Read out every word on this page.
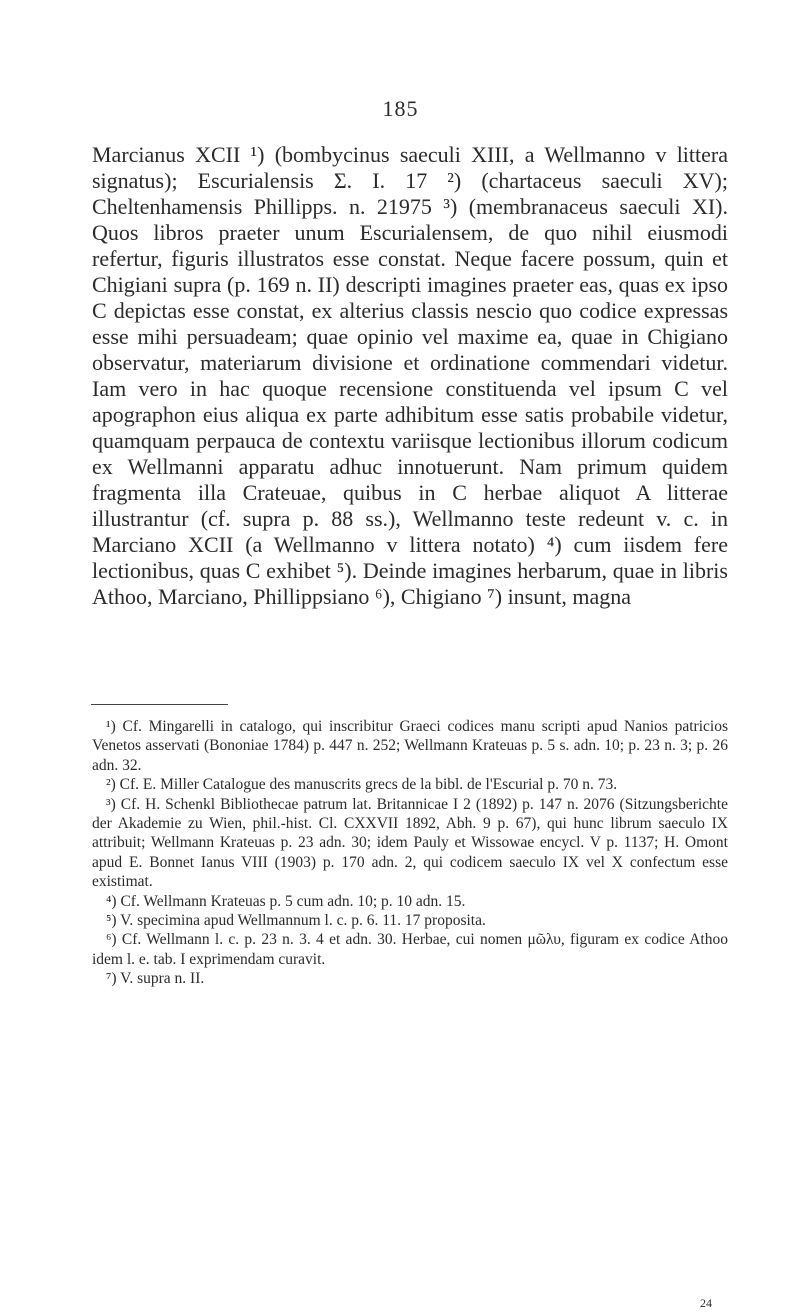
185

Marcianus XCII ¹) (bombycinus saeculi XIII, a Wellmanno v littera signatus); Escurialensis Σ. I. 17 ²) (chartaceus saeculi XV); Cheltenhamensis Phillipps. n. 21975 ³) (membranaceus saeculi XI). Quos libros praeter unum Escurialensem, de quo nihil eiusmodi refertur, figuris illustratos esse constat. Neque facere possum, quin et Chigiani supra (p. 169 n. II) descripti imagines praeter eas, quas ex ipso C depictas esse constat, ex alterius classis nescio quo codice expressas esse mihi persuadeam; quae opinio vel maxime ea, quae in Chigiano observatur, materiarum divisione et ordinatione commendari videtur.

Iam vero in hac quoque recensione constituenda vel ipsum C vel apographon eius aliqua ex parte adhibitum esse satis probabile videtur, quamquam perpauca de contextu variisque lectionibus illorum codicum ex Wellmanni apparatu adhuc innotuerunt. Nam primum quidem fragmenta illa Crateuae, quibus in C herbae aliquot A litterae illustrantur (cf. supra p. 88 ss.), Wellmanno teste redeunt v. c. in Marciano XCII (a Wellmanno v littera notato) ⁴) cum iisdem fere lectionibus, quas C exhibet ⁵). Deinde imagines herbarum, quae in libris Athoo, Marciano, Phillippsiano ⁶), Chigiano ⁷) insunt, magna

¹) Cf. Mingarelli in catalogo, qui inscribitur Graeci codices manu scripti apud Nanios patricios Venetos asservati (Bononiae 1784) p. 447 n. 252; Wellmann Krateuas p. 5 s. adn. 10; p. 23 n. 3; p. 26 adn. 32.

²) Cf. E. Miller Catalogue des manuscrits grecs de la bibl. de l'Escurial p. 70 n. 73.

³) Cf. H. Schenkl Bibliothecae patrum lat. Britannicae I 2 (1892) p. 147 n. 2076 (Sitzungsberichte der Akademie zu Wien, phil.-hist. Cl. CXXVII 1892, Abh. 9 p. 67), qui hunc librum saeculo IX attribuit; Wellmann Krateuas p. 23 adn. 30; idem Pauly et Wissowae encycl. V p. 1137; H. Omont apud E. Bonnet Ianus VIII (1903) p. 170 adn. 2, qui codicem saeculo IX vel X confectum esse existimat.

⁴) Cf. Wellmann Krateuas p. 5 cum adn. 10; p. 10 adn. 15.

⁵) V. specimina apud Wellmannum l. c. p. 6. 11. 17 proposita.

⁶) Cf. Wellmann l. c. p. 23 n. 3. 4 et adn. 30. Herbae, cui nomen μῶλυ, figuram ex codice Athoo idem l. e. tab. I exprimendam curavit.

⁷) V. supra n. II.

24
